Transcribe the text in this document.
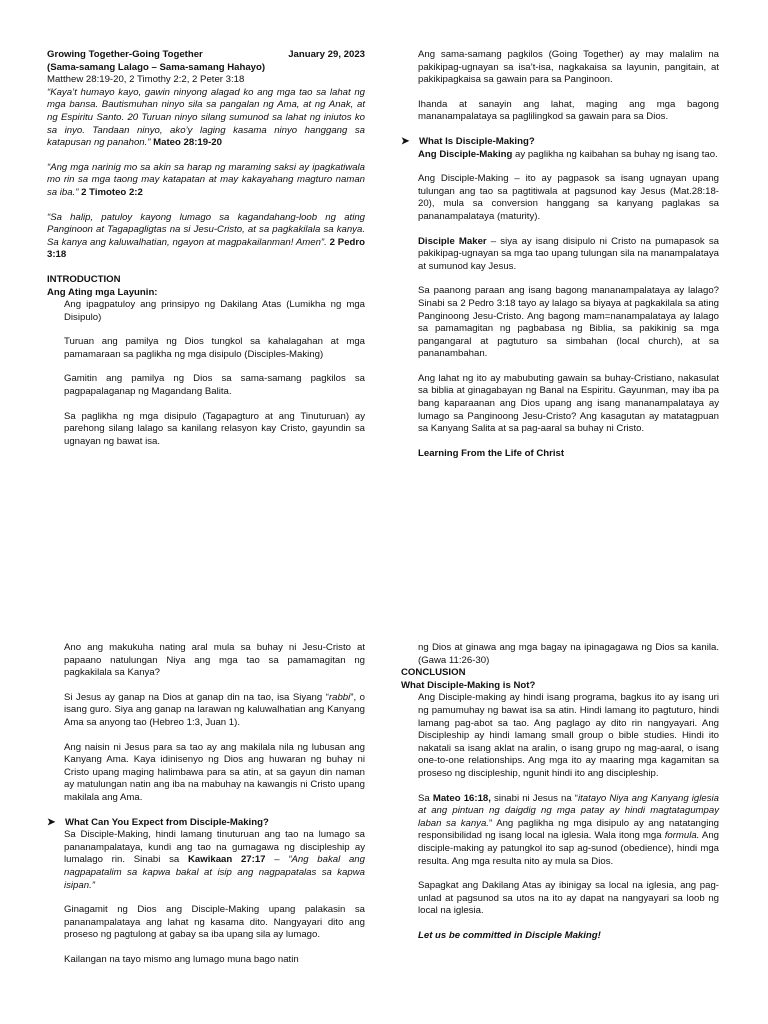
Growing Together-Going Together	January 29, 2023
(Sama-samang Lalago – Sama-samang Hahayo)
Matthew 28:19-20, 2 Timothy 2:2, 2 Peter 3:18

“Kaya’t humayo kayo, gawin ninyong alagad ko ang mga tao sa lahat ng mga bansa. Bautismuhan ninyo sila sa pangalan ng Ama, at ng Anak, at ng Espiritu Santo. 20 Turuan ninyo silang sumunod sa lahat ng iniutos ko sa inyo. Tandaan ninyo, ako’y laging kasama ninyo hanggang sa katapusan ng panahon.” Mateo 28:19-20

“Ang mga narinig mo sa akin sa harap ng maraming saksi ay ipagkatiwala mo rin sa mga taong may katapatan at may kakayahang magturo naman sa iba.” 2 Timoteo 2:2

“Sa halip, patuloy kayong lumago sa kagandahang-loob ng ating Panginoon at Tagapagligtas na si Jesu-Cristo, at sa pagkakilala sa kanya. Sa kanya ang kaluwalhatian, ngayon at magpakailanman! Amen”. 2 Pedro 3:18

INTRODUCTION
Ang Ating mga Layunin:

Ang ipagpatuloy ang prinsipyo ng Dakilang Atas (Lumikha ng mga Disipulo)

Turuan ang pamilya ng Dios tungkol sa kahalagahan at mga pamamaraan sa paglikha ng mga disipulo (Disciples-Making)

Gamitin ang pamilya ng Dios sa sama-samang pagkilos sa pagpapalaganap ng Magandang Balita.

Sa paglikha ng mga disipulo (Tagapagturo at ang Tinuturuan) ay parehong silang lalago sa kanilang relasyon kay Cristo, gayundin sa ugnayan ng bawat isa.

Ang sama-samang pagkilos (Going Together) ay may malalim na pakikipag-ugnayan sa isa’t-isa, nagkakaisa sa layunin, pangitain, at pakikipagkaisa sa gawain para sa Panginoon.

Ihanda at sanayin ang lahat, maging ang mga bagong mananampalataya sa paglilingkod sa gawain para sa Dios.

➤ What Is Disciple-Making?

Ang Disciple-Making ay paglikha ng kaibahan sa buhay ng isang tao.

Ang Disciple-Making – ito ay pagpasok sa isang ugnayan upang tulungan ang tao sa pagtitiwala at pagsunod kay Jesus (Mat.28:18-20), mula sa conversion hanggang sa kanyang paglakas sa pananampalataya (maturity).

Disciple Maker – siya ay isang disipulo ni Cristo na pumapasok sa pakikipag-ugnayan sa mga tao upang tulungan sila na manampalataya at sumunod kay Jesus.

Sa paanong paraan ang isang bagong mananampalataya ay lalago? Sinabi sa 2 Pedro 3:18 tayo ay lalago sa biyaya at pagkakilala sa ating Panginoong Jesu-Cristo. Ang bagong mam=nanampalataya ay lalago sa pamamagitan ng pagbabasa ng Biblia, sa pakikinig sa mga pangangaral at pagtuturo sa simbahan (local church), at sa pananambahan.

Ang lahat ng ito ay mabubuting gawain sa buhay-Cristiano, nakasulat sa biblia at ginagabayan ng Banal na Espiritu. Gayunman, may iba pa bang kaparaanan ang Dios upang ang isang mananampalataya ay lumago sa Panginoong Jesu-Cristo? Ang kasagutan ay matatagpuan sa Kanyang Salita at sa pag-aaral sa buhay ni Cristo.

Learning From the Life of Christ

Ano ang makukuha nating aral mula sa buhay ni Jesu-Cristo at papaano natulungan Niya ang mga tao sa pamamagitan ng pagkakilala sa Kanya?

Si Jesus ay ganap na Dios at ganap din na tao, isa Siyang “rabbi”, o isang guro. Siya ang ganap na larawan ng kaluwalhatian ang Kanyang Ama sa anyong tao (Hebreo 1:3, Juan 1).

Ang naisin ni Jesus para sa tao ay ang makilala nila ng lubusan ang Kanyang Ama. Kaya idinisenyo ng Dios ang huwaran ng buhay ni Cristo upang maging halimbawa para sa atin, at sa gayun din naman ay matulungan natin ang iba na mabuhay na kawangis ni Cristo upang makilala ang Ama.

➤ What Can You Expect from Disciple-Making?

Sa Disciple-Making, hindi lamang tinuturuan ang tao na lumago sa pananampalataya, kundi ang tao na gumagawa ng discipleship ay lumalago rin. Sinabi sa Kawikaan 27:17 – “Ang bakal ang nagpapatalim sa kapwa bakal at isip ang nagpapatalas sa kapwa isipan.”

Ginagamit ng Dios ang Disciple-Making upang palakasin sa pananampalataya ang lahat ng kasama dito. Nangyayari dito ang proseso ng pagtulong at gabay sa iba upang sila ay lumago.

Kailangan na tayo mismo ang lumago muna bago natin

ng Dios at ginawa ang mga bagay na ipinagagawa ng Dios sa kanila. (Gawa 11:26-30)

CONCLUSION
What Disciple-Making is Not?

Ang Disciple-making ay hindi isang programa, bagkus ito ay isang uri ng pamumuhay ng bawat isa sa atin. Hindi lamang ito pagtuturo, hindi lamang pag-abot sa tao. Ang paglago ay dito rin nangyayari. Ang Discipleship ay hindi lamang small group o bible studies. Hindi ito nakatali sa isang aklat na aralin, o isang grupo ng mag-aaral, o isang one-to-one relationships. Ang mga ito ay maaring mga kagamitan sa proseso ng discipleship, ngunit hindi ito ang discipleship.

Sa Mateo 16:18, sinabi ni Jesus na “itatayo Niya ang Kanyang iglesia at ang pintuan ng daigdig ng mga patay ay hindi magtatagumpay laban sa kanya.” Ang paglikha ng mga disipulo ay ang natatanging responsibilidad ng isang local na iglesia. Wala itong mga formula. Ang disciple-making ay patungkol ito sap ag-sunod (obedience), hindi mga resulta. Ang mga resulta nito ay mula sa Dios.

Sapagkat ang Dakilang Atas ay ibinigay sa local na iglesia, ang pag-unlad at pagsunod sa utos na ito ay dapat na nangyayari sa loob ng local na iglesia.

Let us be committed in Disciple Making!
